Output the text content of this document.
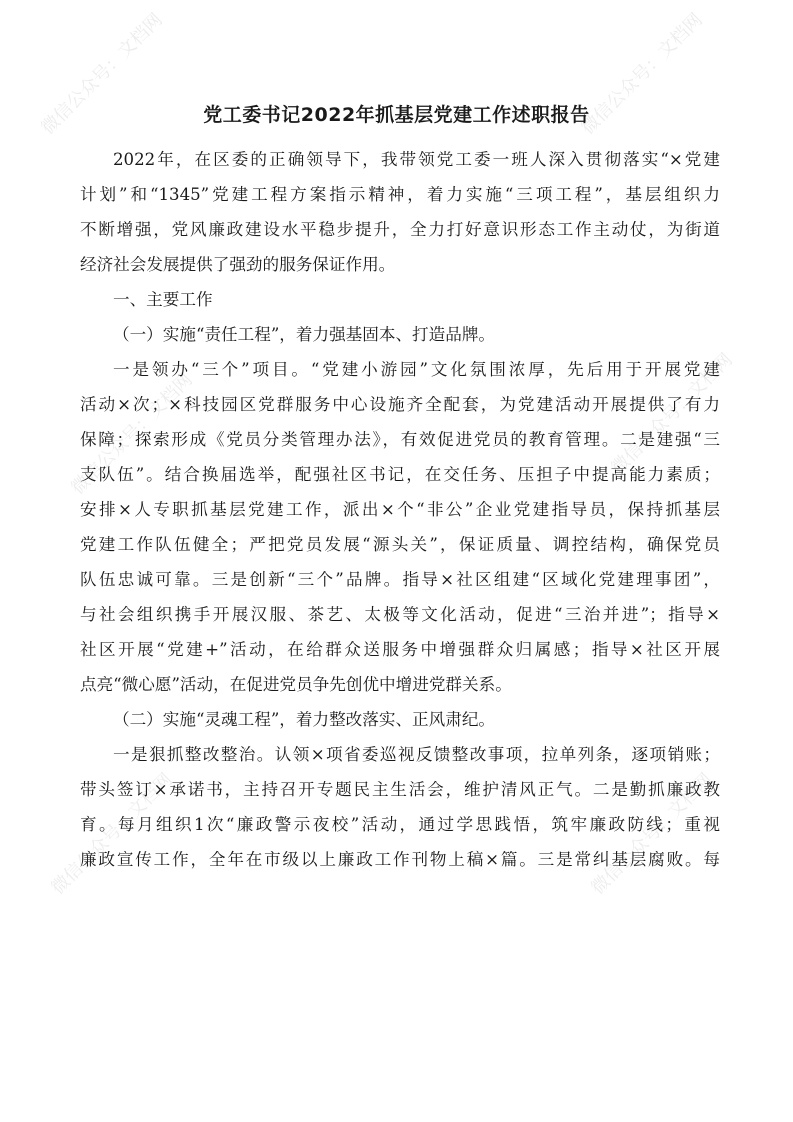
微信公众号：文档网	微信公众号：文档网
微信公众号：文档网	微信公众号：文档网
微信公众号：文档网	微信公众号：文档网
党工委书记2022年抓基层党建工作述职报告
2022年，在区委的正确领导下，我带领党工委一班人深入贯彻落实“×党建
计划”和“1345”党建工程方案指示精神，着力实施“三项工程”，基层组织力
不断增强，党风廉政建设水平稳步提升，全力打好意识形态工作主动仗，为街道
经济社会发展提供了强劲的服务保证作用。
一、主要工作
（一）实施“责任工程”，着力强基固本、打造品牌。
一是领办“三个”项目。“党建小游园”文化氛围浓厚，先后用于开展党建
活动×次；×科技园区党群服务中心设施齐全配套，为党建活动开展提供了有力
保障；探索形成《党员分类管理办法》，有效促进党员的教育管理。二是建强“三
支队伍”。结合换届选举，配强社区书记，在交任务、压担子中提高能力素质；
安排×人专职抓基层党建工作，派出×个“非公”企业党建指导员，保持抓基层
党建工作队伍健全；严把党员发展“源头关”，保证质量、调控结构，确保党员
队伍忠诚可靠。三是创新“三个”品牌。指导×社区组建“区域化党建理事团”，
与社会组织携手开展汉服、茶艺、太极等文化活动，促进“三治并进”；指导×
社区开展“党建+”活动，在给群众送服务中增强群众归属感；指导×社区开展
点亮“微心愿”活动，在促进党员争先创优中增进党群关系。
（二）实施“灵魂工程”，着力整改落实、正风肃纪。
一是狠抓整改整治。认领×项省委巡视反馈整改事项，拉单列条，逐项销账；
带头签订×承诺书，主持召开专题民主生活会，维护清风正气。二是勤抓廉政教
育。每月组织1次“廉政警示夜校”活动，通过学思践悟，筑牢廉政防线；重视
廉政宣传工作，全年在市级以上廉政工作刊物上稿×篇。三是常纠基层腐败。每
